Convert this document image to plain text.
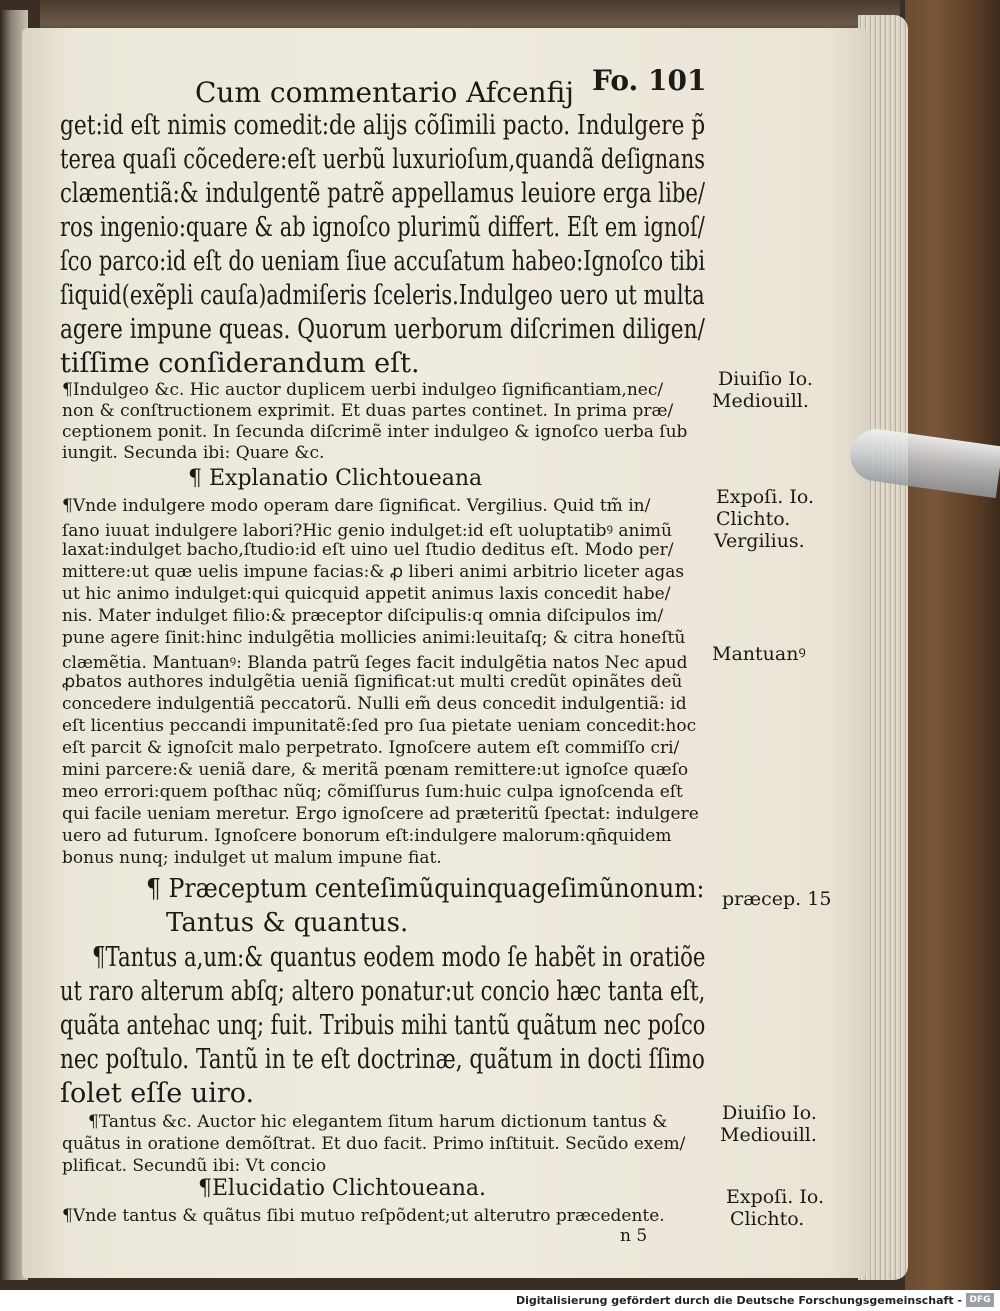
Cum commentario Afcenfij Fo. 101
get:id eſt nimis comedit:de alijs cõſimili pacto. Indulgere p̃
terea quaſi cõcedere:eſt uerbũ luxurioſum,quandã deſignans
clæmentiã:& indulgentẽ patrẽ appellamus leuiore erga libe/
ros ingenio:quare & ab ignoſco plurimũ differt. Eſt em ignoſ/
ſco parco:id eſt do ueniam ſiue accuſatum habeo:Ignoſco tibi
ſiquid(exẽpli cauſa)admiſeris ſceleris.Indulgeo uero ut multa
agere impune queas. Quorum uerborum diſcrimen diligen/
tiſſime conſiderandum eſt.
¶Indulgeo &c. Hic auctor duplicem uerbi indulgeo ſignificantiam,nec/
non & conſtructionem exprimit. Et duas partes continet. In prima præ/
ceptionem ponit. In ſecunda diſcrimẽ inter indulgeo & ignoſco uerba ſub
iungit. Secunda ibi: Quare &c.
¶ Explanatio Clichtoueana
¶Vnde indulgere modo operam dare ſignificat. Vergilius. Quid tm̃ in/
ſano iuuat indulgere labori?Hic genio indulget:id eſt uoluptatibꝰ animũ
laxat:indulget bacho,ſtudio:id eſt uino uel ſtudio deditus eſt. Modo per/
mittere:ut quæ uelis impune facias:& ꝓ liberi animi arbitrio liceter agas
ut hic animo indulget:qui quicquid appetit animus laxis concedit habe/
nis. Mater indulget filio:& præceptor diſcipulis:q omnia diſcipulos im/
pune agere ſinit:hinc indulgẽtia mollicies animi:leuitaſq; & citra honeſtũ
clæmẽtia. Mantuanꝰ: Blanda patrũ ſeges facit indulgẽtia natos Nec apud
ꝓbatos authores indulgẽtia ueniã ſignificat:ut multi credũt opinãtes deũ
concedere indulgentiã peccatorũ. Nulli em̃ deus concedit indulgentiã: id
eſt licentius peccandi impunitatẽ:ſed pro ſua pietate ueniam concedit:hoc
eſt parcit & ignoſcit malo perpetrato. Ignoſcere autem eſt commiſſo cri/
mini parcere:& ueniã dare, & meritã pœnam remittere:ut ignoſce quæſo
meo errori:quem poſthac nũq; cõmiſſurus ſum:huic culpa ignoſcenda eſt
qui facile ueniam meretur. Ergo ignoſcere ad præteritũ ſpectat: indulgere
uero ad futurum. Ignoſcere bonorum eſt:indulgere malorum:qñquidem
bonus nunq; indulget ut malum impune fiat.
¶ Præceptum centeſimũquinquageſimũnonum:
Tantus & quantus.
¶Tantus a,um:& quantus eodem modo ſe habẽt in oratiõe
ut raro alterum abſq; altero ponatur:ut concio hæc tanta eſt,
quãta antehac unq; fuit. Tribuis mihi tantũ quãtum nec poſco
nec poſtulo. Tantũ in te eſt doctrinæ, quãtum in docti ſſimo
ſolet eſſe uiro.
¶Tantus &c. Auctor hic elegantem ſitum harum dictionum tantus &
quãtus in oratione demõſtrat. Et duo facit. Primo inſtituit. Secũdo exem/
plificat. Secundũ ibi: Vt concio
¶Elucidatio Clichtoueana.
¶Vnde tantus & quãtus ſibi mutuo reſpõdent;ut alterutro præcedente.
n 5
Diuiſio Io.
Mediouill.
Expoſi. Io.
Clichto.
Vergilius.
Mantuanꝰ
præcep. 15
Diuiſio Io.
Mediouill.
Expoſi. Io.
Clichto.
Digitalisierung gefördert durch die Deutsche Forschungsgemeinschaft - DFG
